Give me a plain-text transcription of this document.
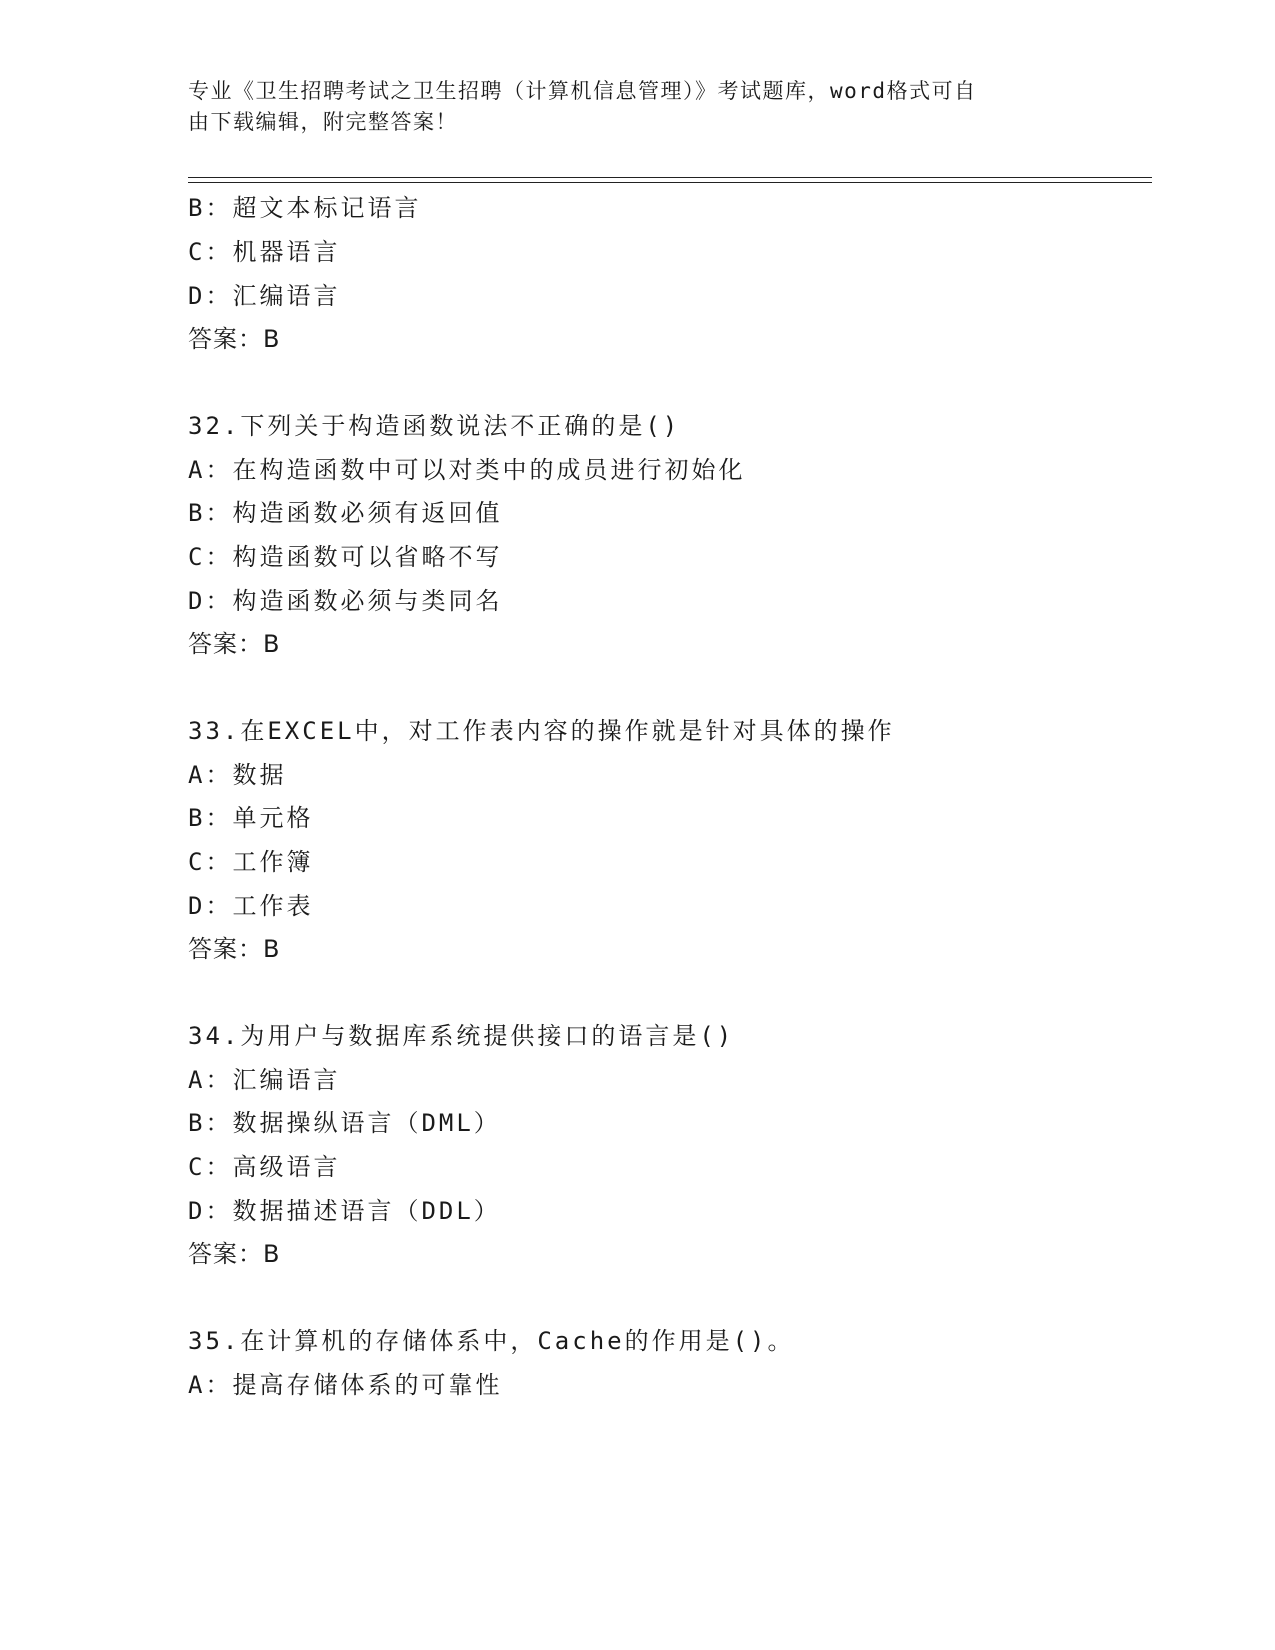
专业《卫生招聘考试之卫生招聘（计算机信息管理）》考试题库，word格式可自
由下载编辑，附完整答案！
B：超文本标记语言
C：机器语言
D：汇编语言
答案：B
32.下列关于构造函数说法不正确的是()
A：在构造函数中可以对类中的成员进行初始化
B：构造函数必须有返回值
C：构造函数可以省略不写
D：构造函数必须与类同名
答案：B
33.在EXCEL中，对工作表内容的操作就是针对具体的操作
A：数据
B：单元格
C：工作簿
D：工作表
答案：B
34.为用户与数据库系统提供接口的语言是()
A：汇编语言
B：数据操纵语言（DML）
C：高级语言
D：数据描述语言（DDL）
答案：B
35.在计算机的存储体系中，Cache的作用是()。
A：提高存储体系的可靠性
